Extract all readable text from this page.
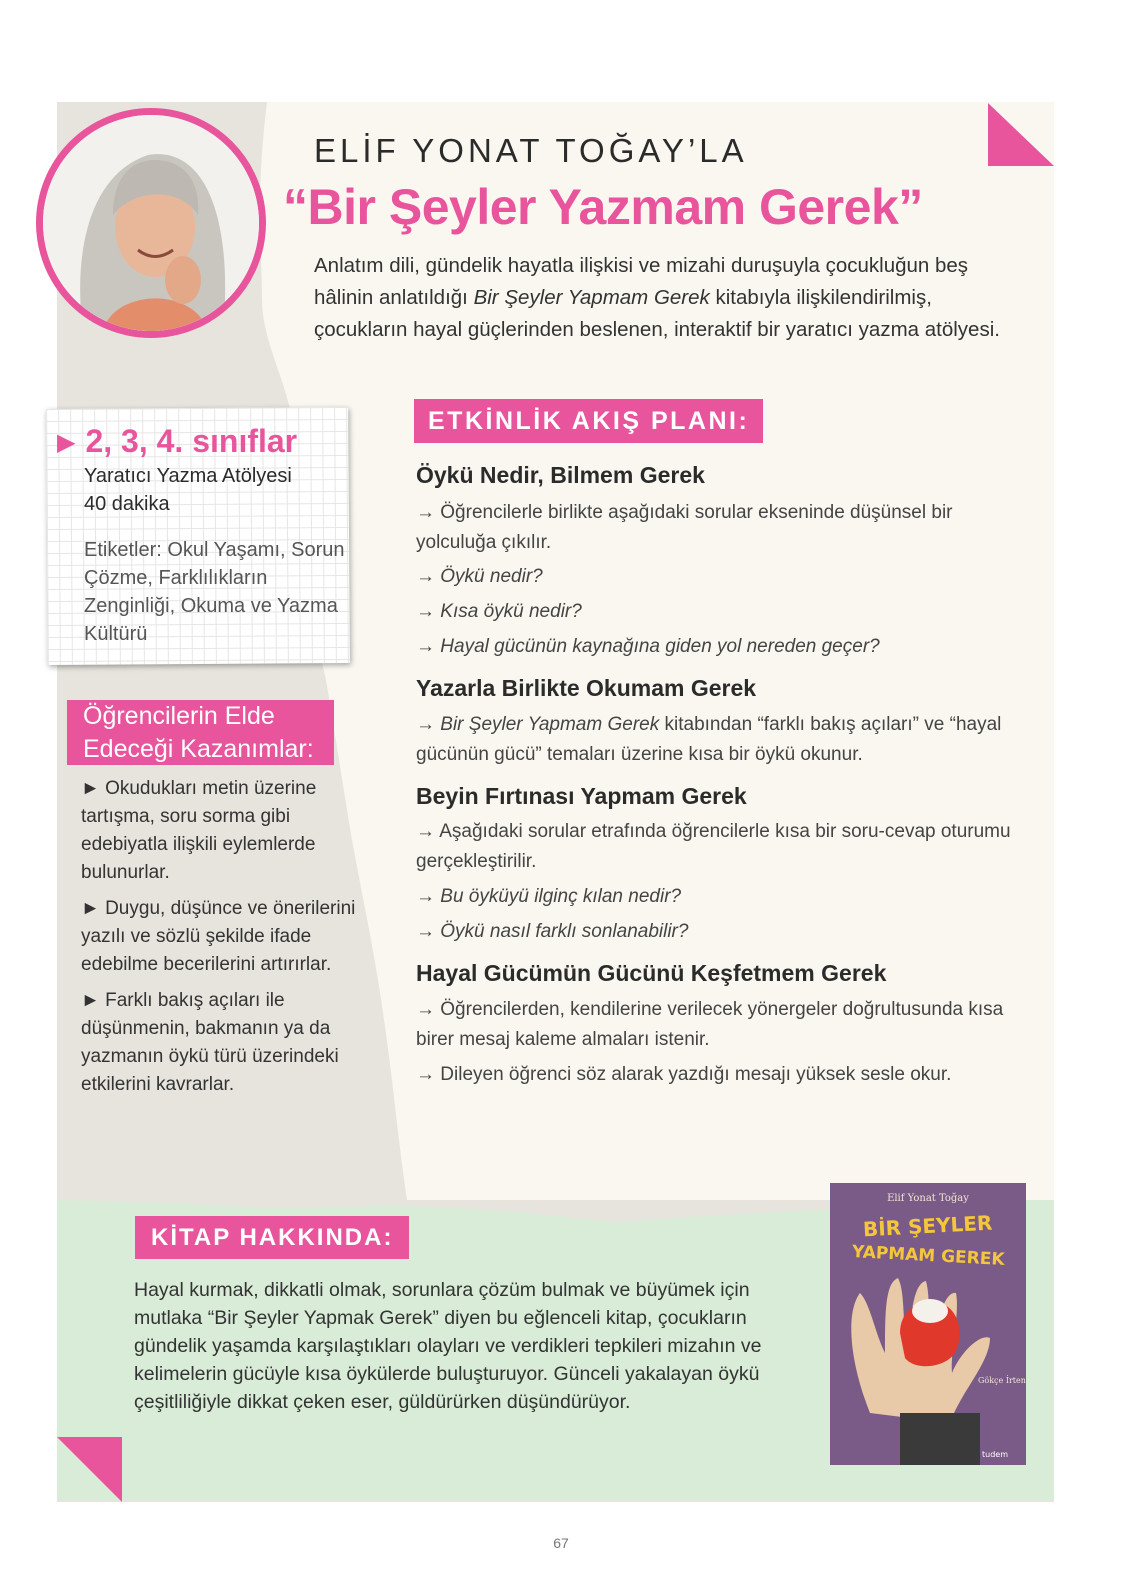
ELİF YONAT TOĞAY’LA
“Bir Şeyler Yazmam Gerek”
Anlatım dili, gündelik hayatla ilişkisi ve mizahi duruşuyla çocukluğun beş hâlinin anlatıldığı Bir Şeyler Yapmam Gerek kitabıyla ilişkilendirilmiş, çocukların hayal güçlerinden beslenen, interaktif bir yaratıcı yazma atölyesi.
▶ 2, 3, 4. sınıflar
Yaratıcı Yazma Atölyesi
40 dakika
Etiketler: Okul Yaşamı, Sorun Çözme, Farklılıkların Zenginliği, Okuma ve Yazma Kültürü
Öğrencilerin Elde
Edeceği Kazanımlar:
► Okudukları metin üzerine tartışma, soru sorma gibi edebiyatla ilişkili eylemlerde bulunurlar.
► Duygu, düşünce ve önerilerini yazılı ve sözlü şekilde ifade edebilme becerilerini artırırlar.
► Farklı bakış açıları ile düşünmenin, bakmanın ya da yazmanın öykü türü üzerindeki etkilerini kavrarlar.
ETKİNLİK AKIŞ PLANI:
Öykü Nedir, Bilmem Gerek
→ Öğrencilerle birlikte aşağıdaki sorular ekseninde düşünsel bir yolculuğa çıkılır.
→ Öykü nedir?
→ Kısa öykü nedir?
→ Hayal gücünün kaynağına giden yol nereden geçer?
Yazarla Birlikte Okumam Gerek
→ Bir Şeyler Yapmam Gerek kitabından “farklı bakış açıları” ve “hayal gücünün gücü” temaları üzerine kısa bir öykü okunur.
Beyin Fırtınası Yapmam Gerek
→ Aşağıdaki sorular etrafında öğrencilerle kısa bir soru-cevap oturumu gerçekleştirilir.
→ Bu öyküyü ilginç kılan nedir?
→ Öykü nasıl farklı sonlanabilir?
Hayal Gücümün Gücünü Keşfetmem Gerek
→ Öğrencilerden, kendilerine verilecek yönergeler doğrultusunda kısa birer mesaj kaleme almaları istenir.
→ Dileyen öğrenci söz alarak yazdığı mesajı yüksek sesle okur.
KİTAP HAKKINDA:
Hayal kurmak, dikkatli olmak, sorunlara çözüm bulmak ve büyümek için mutlaka “Bir Şeyler Yapmak Gerek” diyen bu eğlenceli kitap, çocukların gündelik yaşamda karşılaştıkları olayları ve verdikleri tepkileri mizahın ve kelimelerin gücüyle kısa öykülerde buluşturuyor. Günceli yakalayan öykü çeşitliliğiyle dikkat çeken eser, güldürürken düşündürüyor.
Elif Yonat Toğay
BİR ŞEYLER
YAPMAM GEREK
Gökçe İrten
tudem
67
